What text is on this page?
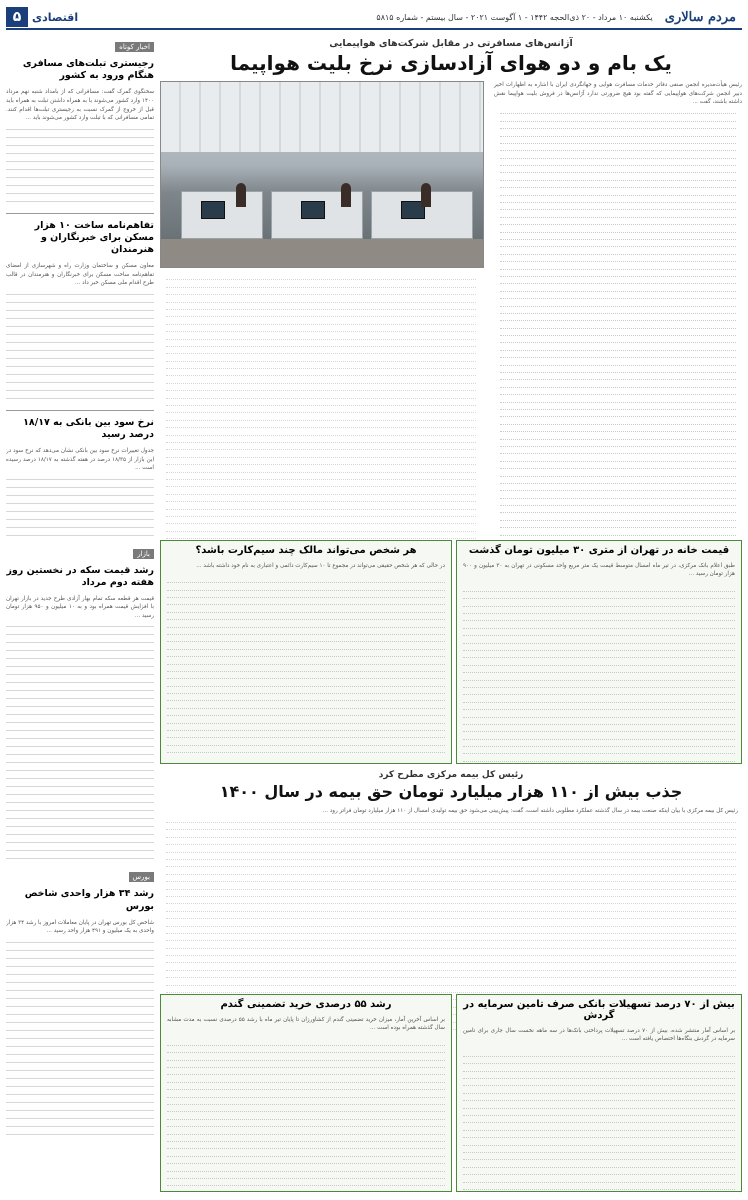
مردم سالاری
یکشنبه ۱۰ مرداد - ۲۰ ذی‌الحجه ۱۴۴۲ - ۱ آگوست ۲۰۲۱ - سال بیستم - شماره ۵۸۱۵
اقتصادی
۵
آژانس‌های مسافرتی در مقابل شرکت‌های هواپیمایی
یک بام و دو هوای آزادسازی نرخ بلیت هواپیما

رئیس هیأت‌مدیره انجمن صنفی دفاتر خدمات مسافرت هوایی و جهانگردی ایران با اشاره به اظهارات اخیر دبیر انجمن شرکت‌های هواپیمایی که گفته بود هیچ ضرورتی ندارد آژانس‌ها در فروش بلیت هواپیما نقش داشته باشند، گفت ...

قیمت خانه در تهران از متری ۳۰ میلیون تومان گذشت

طبق اعلام بانک مرکزی، در تیر ماه امسال متوسط قیمت یک متر مربع واحد مسکونی در تهران به ۳۰ میلیون و ۹۰۰ هزار تومان رسید ...

هر شخص می‌تواند مالک چند سیم‌کارت باشد؟

در حالی که هر شخص حقیقی می‌تواند در مجموع تا ۱۰ سیم‌کارت دائمی و اعتباری به نام خود داشته باشد ...

رئیس کل بیمه مرکزی مطرح کرد
جذب بیش از ۱۱۰ هزار میلیارد تومان حق بیمه در سال ۱۴۰۰

رئیس کل بیمه مرکزی با بیان اینکه صنعت بیمه در سال گذشته عملکرد مطلوبی داشته است، گفت: پیش‌بینی می‌شود حق بیمه تولیدی امسال از ۱۱۰ هزار میلیارد تومان فراتر رود ...

بیش از ۷۰ درصد تسهیلات بانکی صرف تامین سرمایه در گردش

بر اساس آمار منتشر شده، بیش از ۷۰ درصد تسهیلات پرداختی بانک‌ها در سه ماهه نخست سال جاری برای تامین سرمایه در گردش بنگاه‌ها اختصاص یافته است ...

رشد ۵۵ درصدی خرید تضمینی گندم

بر اساس آخرین آمار، میزان خرید تضمینی گندم از کشاورزان تا پایان تیر ماه با رشد ۵۵ درصدی نسبت به مدت مشابه سال گذشته همراه بوده است ...

اخبار کوتاه
رجیستری تبلت‌های مسافری هنگام ورود به کشور

سخنگوی گمرک گفت: مسافرانی که از بامداد شنبه نهم مرداد ۱۴۰۰ وارد کشور می‌شوند با به همراه داشتن تبلت به همراه باید قبل از خروج از گمرک نسبت به رجیستری تبلت‌ها اقدام کنند. تمامی مسافرانی که با تبلت وارد کشور می‌شوند باید ...

تفاهم‌نامه ساخت ۱۰ هزار مسکن برای خبرنگاران و هنرمندان

معاون مسکن و ساختمان وزارت راه و شهرسازی از امضای تفاهم‌نامه ساخت مسکن برای خبرنگاران و هنرمندان در قالب طرح اقدام ملی مسکن خبر داد ...

نرخ سود بین بانکی به ۱۸/۱۷ درصد رسید

جدول تغییرات نرخ سود بین بانکی نشان می‌دهد که نرخ سود در این بازار از ۱۸/۳۵ درصد در هفته گذشته به ۱۸/۱۷ درصد رسیده است ...

بازار
رشد قیمت سکه در نخستین روز هفته دوم مرداد

قیمت هر قطعه سکه تمام بهار آزادی طرح جدید در بازار تهران با افزایش قیمت همراه بود و به ۱۰ میلیون و ۹۵۰ هزار تومان رسید ...

بورس
رشد ۳۴ هزار واحدی شاخص بورس

شاخص کل بورس تهران در پایان معاملات امروز با رشد ۳۴ هزار واحدی به یک میلیون و ۴۹۱ هزار واحد رسید ...
